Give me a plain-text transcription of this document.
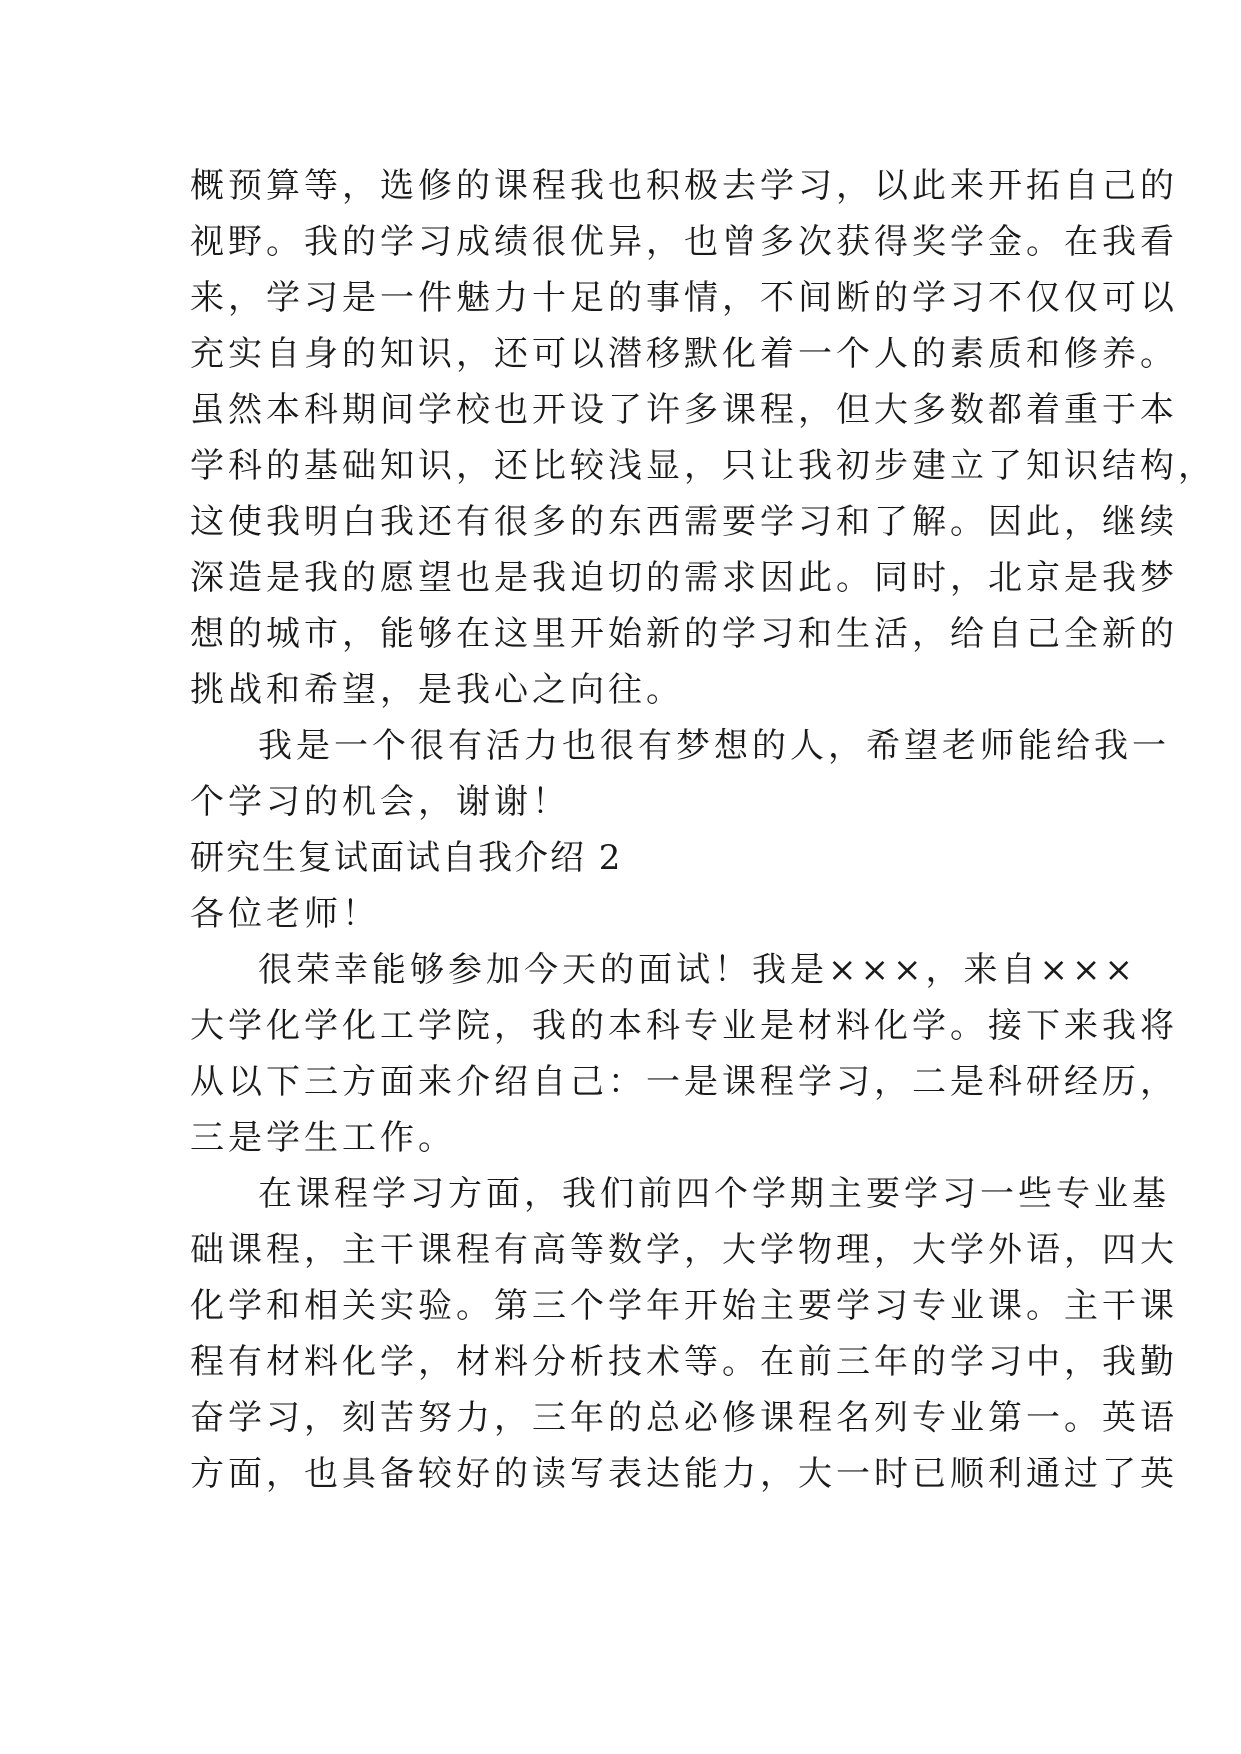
概预算等，选修的课程我也积极去学习，以此来开拓自己的
视野。我的学习成绩很优异，也曾多次获得奖学金。在我看
来，学习是一件魅力十足的事情，不间断的学习不仅仅可以
充实自身的知识，还可以潜移默化着一个人的素质和修养。
虽然本科期间学校也开设了许多课程，但大多数都着重于本
学科的基础知识，还比较浅显，只让我初步建立了知识结构，
这使我明白我还有很多的东西需要学习和了解。因此，继续
深造是我的愿望也是我迫切的需求因此。同时，北京是我梦
想的城市，能够在这里开始新的学习和生活，给自己全新的
挑战和希望，是我心之向往。
我是一个很有活力也很有梦想的人，希望老师能给我一
个学习的机会，谢谢！
研究生复试面试自我介绍 2
各位老师！
很荣幸能够参加今天的面试！我是×××，来自×××
大学化学化工学院，我的本科专业是材料化学。接下来我将
从以下三方面来介绍自己：一是课程学习，二是科研经历，
三是学生工作。
在课程学习方面，我们前四个学期主要学习一些专业基
础课程，主干课程有高等数学，大学物理，大学外语，四大
化学和相关实验。第三个学年开始主要学习专业课。主干课
程有材料化学，材料分析技术等。在前三年的学习中，我勤
奋学习，刻苦努力，三年的总必修课程名列专业第一。英语
方面，也具备较好的读写表达能力，大一时已顺利通过了英
